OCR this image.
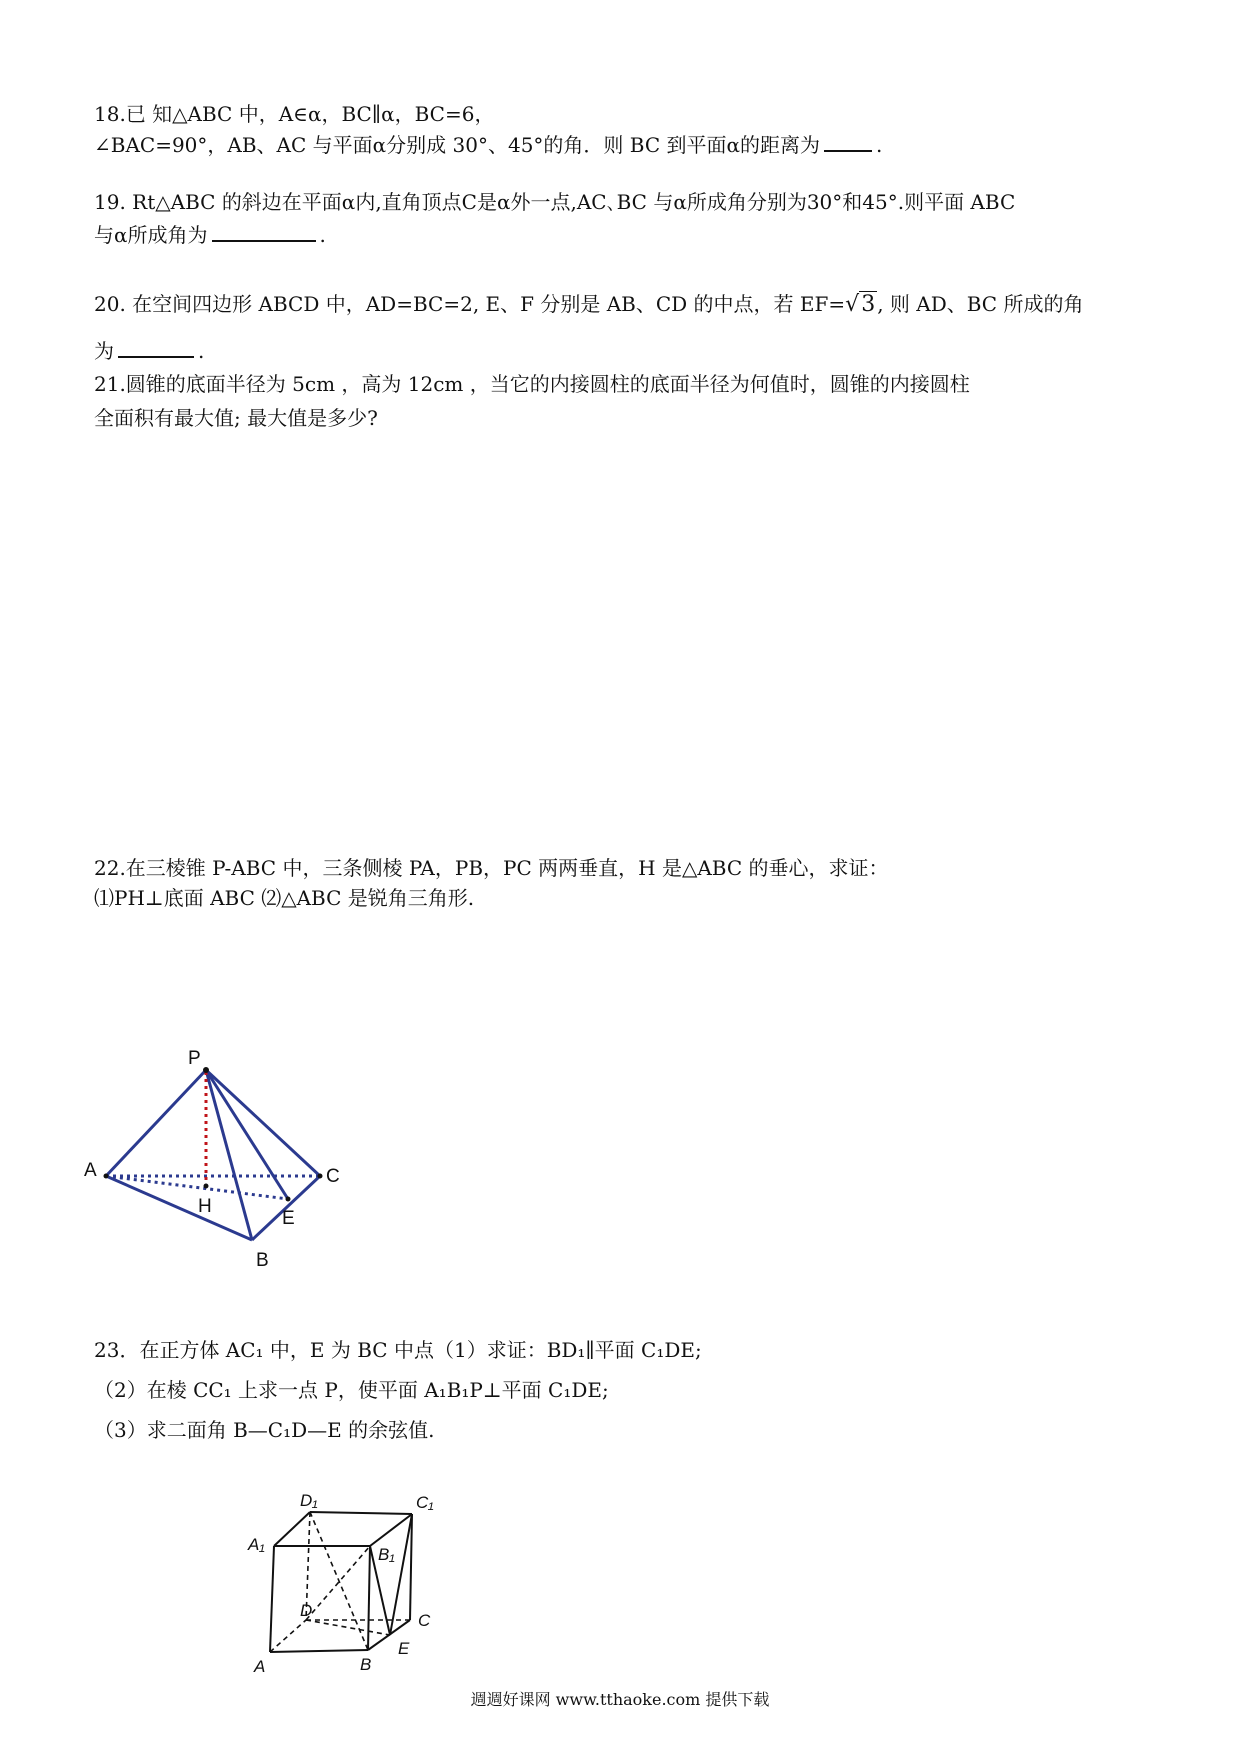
18.已 知△ABC 中，A∈α，BC∥α，BC=6，
∠BAC=90°，AB、AC 与平面α分别成 30°、45°的角．则 BC 到平面α的距离为	.
19. Rt△ABC 的斜边在平面α内,直角顶点C是α外一点,AC､BC 与α所成角分别为30°和45°.则平面 ABC
与α所成角为	.
20. 在空间四边形 ABCD 中，AD=BC=2, E、F 分别是 AB、CD 的中点，若 EF=√3 , 则 AD、BC 所成的角
为	.
21.圆锥的底面半径为 5cm ，高为 12cm ，当它的内接圆柱的底面半径为何值时，圆锥的内接圆柱
全面积有最大值; 最大值是多少?
22.在三棱锥 P-ABC 中，三条侧棱 PA，PB，PC 两两垂直，H 是△ABC 的垂心，求证：
⑴PH⊥底面 ABC ⑵△ABC 是锐角三角形.
P
A	C
H
E
B
23．在正方体 AC₁ 中，E 为 BC 中点（1）求证：BD₁∥平面 C₁DE;
（2）在棱 CC₁ 上求一点 P，使平面 A₁B₁P⊥平面 C₁DE;
（3）求二面角 B—C₁D—E 的余弦值.
D₁	C₁
A₁
B₁
D
C
A	B
E
週週好课网 www.tthaoke.com 提供下载
